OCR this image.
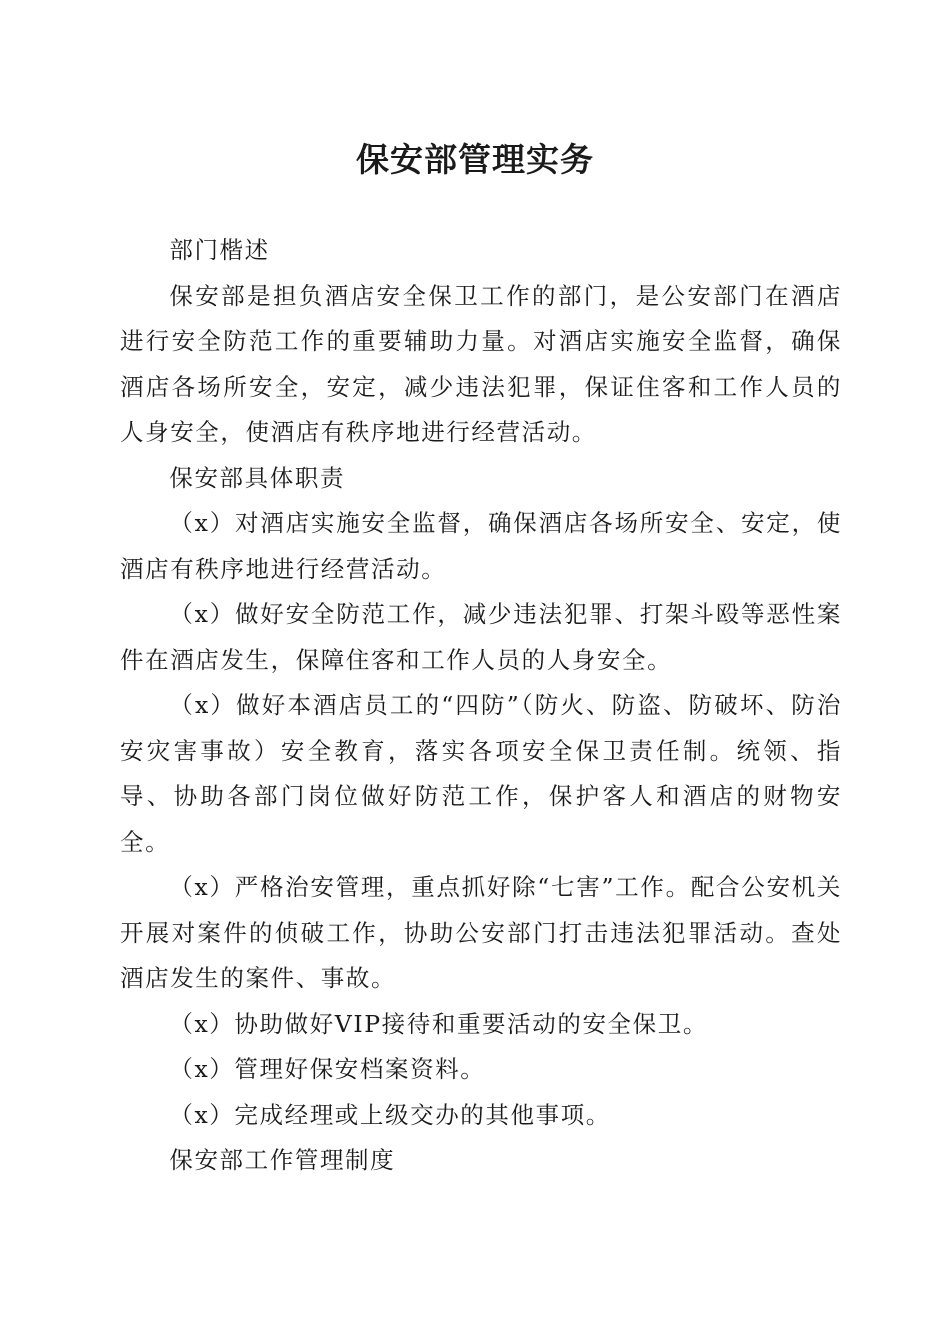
保安部管理实务

部门楷述

保安部是担负酒店安全保卫工作的部门，是公安部门在酒店进行安全防范工作的重要辅助力量。对酒店实施安全监督，确保酒店各场所安全，安定，减少违法犯罪，保证住客和工作人员的人身安全，使酒店有秩序地进行经营活动。

保安部具体职责

（x）对酒店实施安全监督，确保酒店各场所安全、安定，使酒店有秩序地进行经营活动。

（x）做好安全防范工作，减少违法犯罪、打架斗殴等恶性案件在酒店发生，保障住客和工作人员的人身安全。

（x）做好本酒店员工的“四防”（防火、防盗、防破坏、防治安灾害事故）安全教育，落实各项安全保卫责任制。统领、指导、协助各部门岗位做好防范工作，保护客人和酒店的财物安全。

（x）严格治安管理，重点抓好除“七害”工作。配合公安机关开展对案件的侦破工作，协助公安部门打击违法犯罪活动。查处酒店发生的案件、事故。

（x）协助做好VIP接待和重要活动的安全保卫。

（x）管理好保安档案资料。

（x）完成经理或上级交办的其他事项。

保安部工作管理制度
